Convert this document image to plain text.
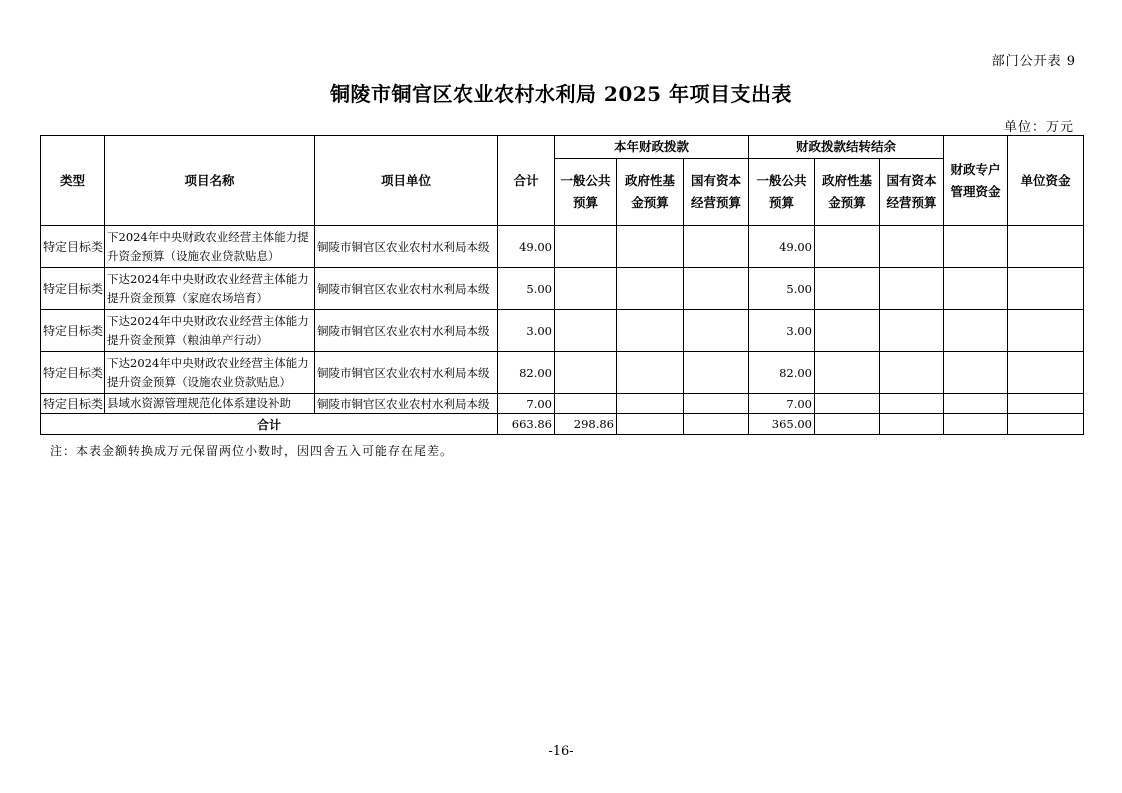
部门公开表 9
铜陵市铜官区农业农村水利局 2025 年项目支出表
单位：万元
类型	项目名称	项目单位	合计	本年财政拨款			财政拨款结转结余			财政专户管理资金	单位资金
				一般公共预算	政府性基金预算	国有资本经营预算	一般公共预算	政府性基金预算	国有资本经营预算		
特定目标类	下2024年中央财政农业经营主体能力提升资金预算（设施农业贷款贴息）	铜陵市铜官区农业农村水利局本级	49.00				49.00				
特定目标类	下达2024年中央财政农业经营主体能力提升资金预算（家庭农场培育）	铜陵市铜官区农业农村水利局本级	5.00				5.00				
特定目标类	下达2024年中央财政农业经营主体能力提升资金预算（粮油单产行动）	铜陵市铜官区农业农村水利局本级	3.00				3.00				
特定目标类	下达2024年中央财政农业经营主体能力提升资金预算（设施农业贷款贴息）	铜陵市铜官区农业农村水利局本级	82.00				82.00				
特定目标类	县域水资源管理规范化体系建设补助	铜陵市铜官区农业农村水利局本级	7.00				7.00				
合计			663.86	298.86			365.00				
注：本表金额转换成万元保留两位小数时，因四舍五入可能存在尾差。
-16-
